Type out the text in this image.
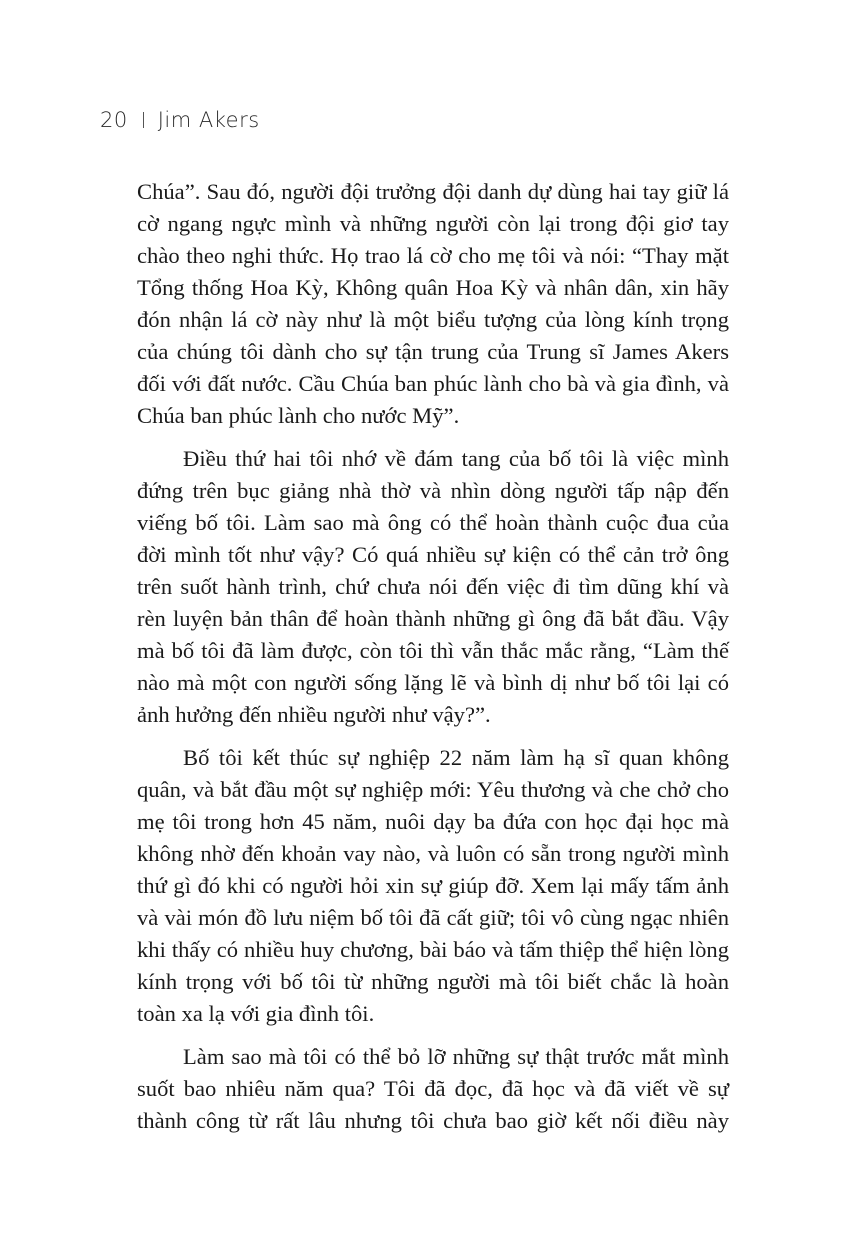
20 Jim Akers

Chúa”. Sau đó, người đội trưởng đội danh dự dùng hai tay giữ lá cờ ngang ngực mình và những người còn lại trong đội giơ tay chào theo nghi thức. Họ trao lá cờ cho mẹ tôi và nói: “Thay mặt Tổng thống Hoa Kỳ, Không quân Hoa Kỳ và nhân dân, xin hãy đón nhận lá cờ này như là một biểu tượng của lòng kính trọng của chúng tôi dành cho sự tận trung của Trung sĩ James Akers đối với đất nước. Cầu Chúa ban phúc lành cho bà và gia đình, và Chúa ban phúc lành cho nước Mỹ”.

Điều thứ hai tôi nhớ về đám tang của bố tôi là việc mình đứng trên bục giảng nhà thờ và nhìn dòng người tấp nập đến viếng bố tôi. Làm sao mà ông có thể hoàn thành cuộc đua của đời mình tốt như vậy? Có quá nhiều sự kiện có thể cản trở ông trên suốt hành trình, chứ chưa nói đến việc đi tìm dũng khí và rèn luyện bản thân để hoàn thành những gì ông đã bắt đầu. Vậy mà bố tôi đã làm được, còn tôi thì vẫn thắc mắc rằng, “Làm thế nào mà một con người sống lặng lẽ và bình dị như bố tôi lại có ảnh hưởng đến nhiều người như vậy?”.

Bố tôi kết thúc sự nghiệp 22 năm làm hạ sĩ quan không quân, và bắt đầu một sự nghiệp mới: Yêu thương và che chở cho mẹ tôi trong hơn 45 năm, nuôi dạy ba đứa con học đại học mà không nhờ đến khoản vay nào, và luôn có sẵn trong người mình thứ gì đó khi có người hỏi xin sự giúp đỡ. Xem lại mấy tấm ảnh và vài món đồ lưu niệm bố tôi đã cất giữ; tôi vô cùng ngạc nhiên khi thấy có nhiều huy chương, bài báo và tấm thiệp thể hiện lòng kính trọng với bố tôi từ những người mà tôi biết chắc là hoàn toàn xa lạ với gia đình tôi.

Làm sao mà tôi có thể bỏ lỡ những sự thật trước mắt mình suốt bao nhiêu năm qua? Tôi đã đọc, đã học và đã viết về sự thành công từ rất lâu nhưng tôi chưa bao giờ kết nối điều này
